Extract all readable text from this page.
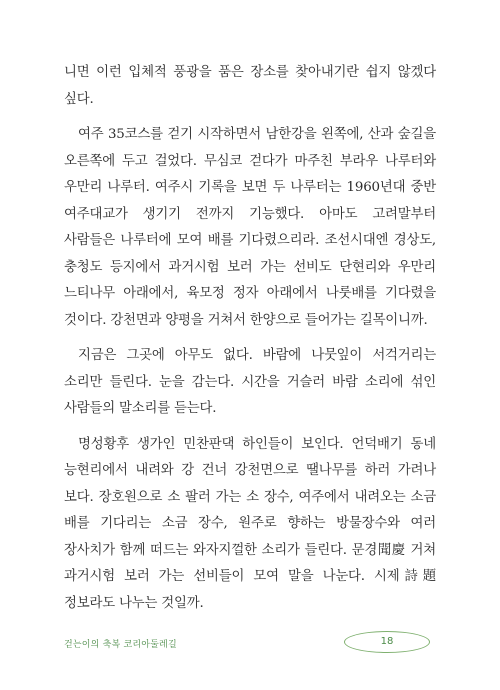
니면 이런 입체적 풍광을 품은 장소를 찾아내기란 쉽지 않겠다 싶다.

여주 35코스를 걷기 시작하면서 남한강을 왼쪽에, 산과 숲길을 오른쪽에 두고 걸었다. 무심코 걷다가 마주친 부라우 나루터와 우만리 나루터. 여주시 기록을 보면 두 나루터는 1960년대 중반 여주대교가 생기기 전까지 기능했다. 아마도 고려말부터 사람들은 나루터에 모여 배를 기다렸으리라. 조선시대엔 경상도, 충청도 등지에서 과거시험 보러 가는 선비도 단현리와 우만리 느티나무 아래에서, 육모정 정자 아래에서 나룻배를 기다렸을 것이다. 강천면과 양평을 거쳐서 한양으로 들어가는 길목이니까.

지금은 그곳에 아무도 없다. 바람에 나뭇잎이 서걱거리는 소리만 들린다. 눈을 감는다. 시간을 거슬러 바람 소리에 섞인 사람들의 말소리를 듣는다.

명성황후 생가인 민찬판댁 하인들이 보인다. 언덕배기 동네 능현리에서 내려와 강 건너 강천면으로 땔나무를 하러 가려나 보다. 장호원으로 소 팔러 가는 소 장수, 여주에서 내려오는 소금 배를 기다리는 소금 장수, 원주로 향하는 방물장수와 여러 장사치가 함께 떠드는 와자지껄한 소리가 들린다. 문경聞慶 거쳐 과거시험 보러 가는 선비들이 모여 말을 나눈다. 시제詩題 정보라도 나누는 것일까.

걷는이의 축복 코리아둘레길	18
